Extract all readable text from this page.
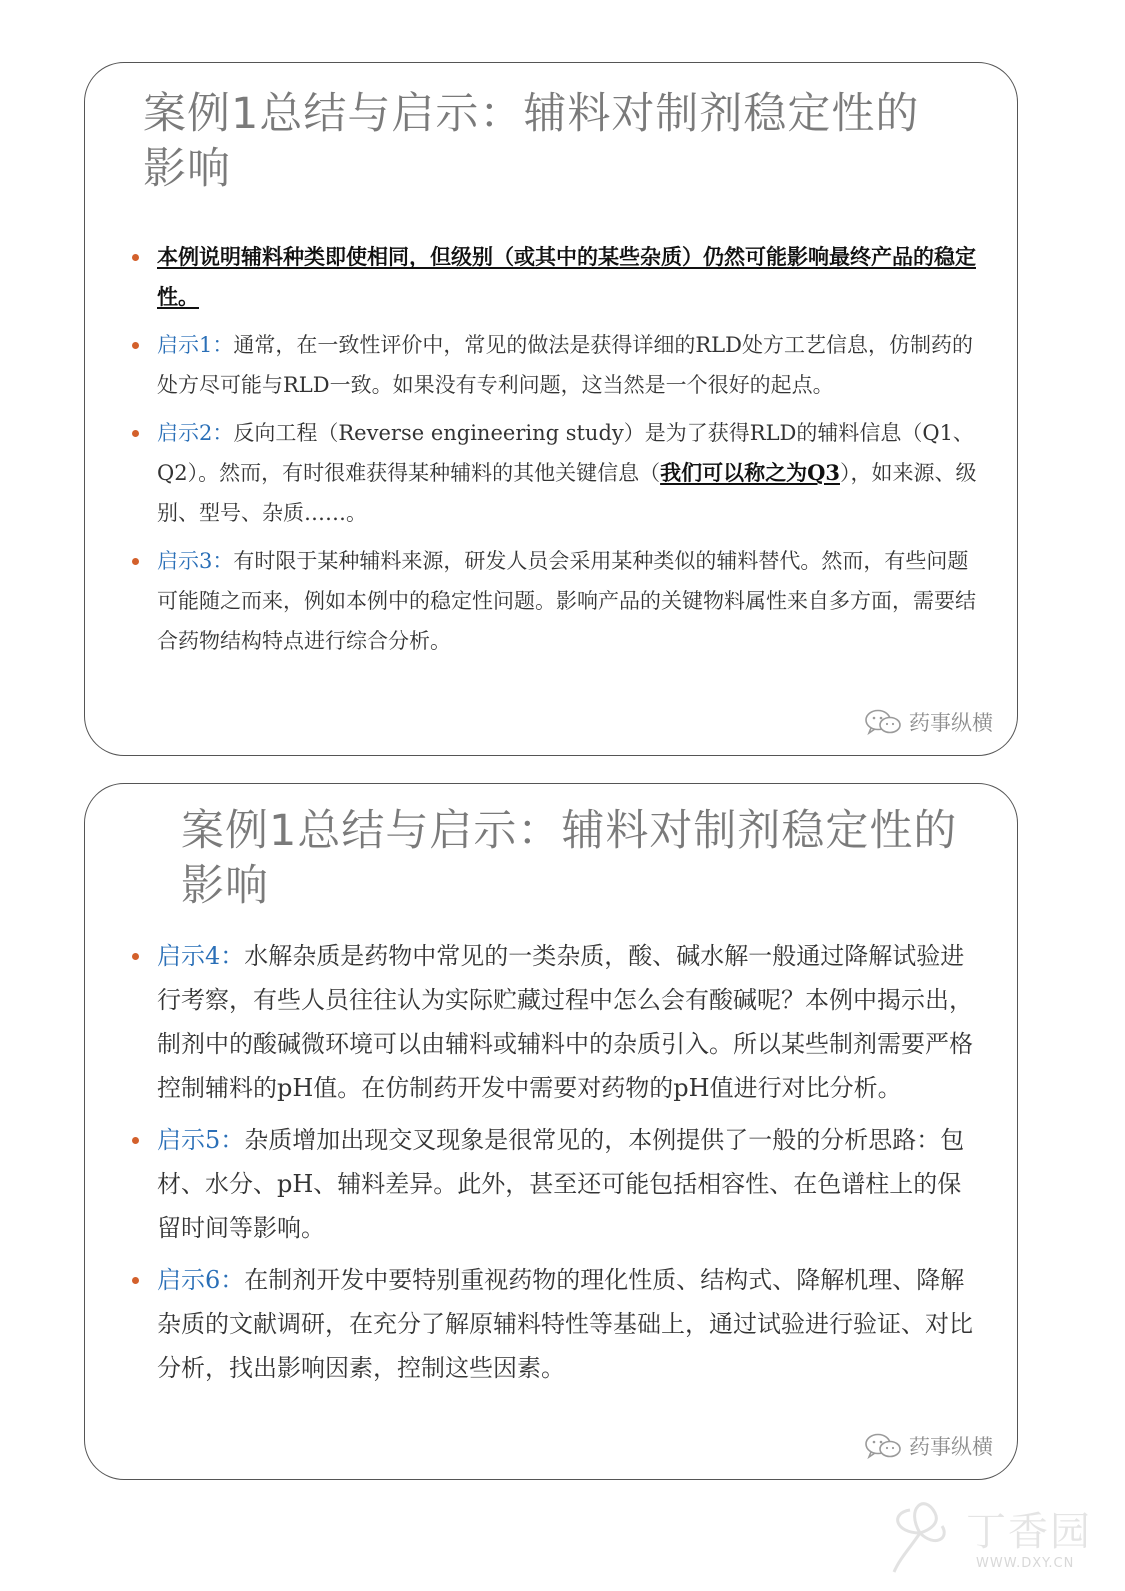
案例1总结与启示：辅料对制剂稳定性的影响
本例说明辅料种类即使相同，但级别（或其中的某些杂质）仍然可能影响最终产品的稳定性。
启示1：通常，在一致性评价中，常见的做法是获得详细的RLD处方工艺信息，仿制药的处方尽可能与RLD一致。如果没有专利问题，这当然是一个很好的起点。
启示2：反向工程（Reverse engineering study）是为了获得RLD的辅料信息（Q1、Q2）。然而，有时很难获得某种辅料的其他关键信息（我们可以称之为Q3），如来源、级别、型号、杂质……。
启示3：有时限于某种辅料来源，研发人员会采用某种类似的辅料替代。然而，有些问题可能随之而来，例如本例中的稳定性问题。影响产品的关键物料属性来自多方面，需要结合药物结构特点进行综合分析。
药事纵横
案例1总结与启示：辅料对制剂稳定性的影响
启示4：水解杂质是药物中常见的一类杂质，酸、碱水解一般通过降解试验进行考察，有些人员往往认为实际贮藏过程中怎么会有酸碱呢？本例中揭示出，制剂中的酸碱微环境可以由辅料或辅料中的杂质引入。所以某些制剂需要严格控制辅料的pH值。在仿制药开发中需要对药物的pH值进行对比分析。
启示5：杂质增加出现交叉现象是很常见的，本例提供了一般的分析思路：包材、水分、pH、辅料差异。此外，甚至还可能包括相容性、在色谱柱上的保留时间等影响。
启示6：在制剂开发中要特别重视药物的理化性质、结构式、降解机理、降解杂质的文献调研，在充分了解原辅料特性等基础上，通过试验进行验证、对比分析，找出影响因素，控制这些因素。
药事纵横
丁香园
WWW.DXY.CN
